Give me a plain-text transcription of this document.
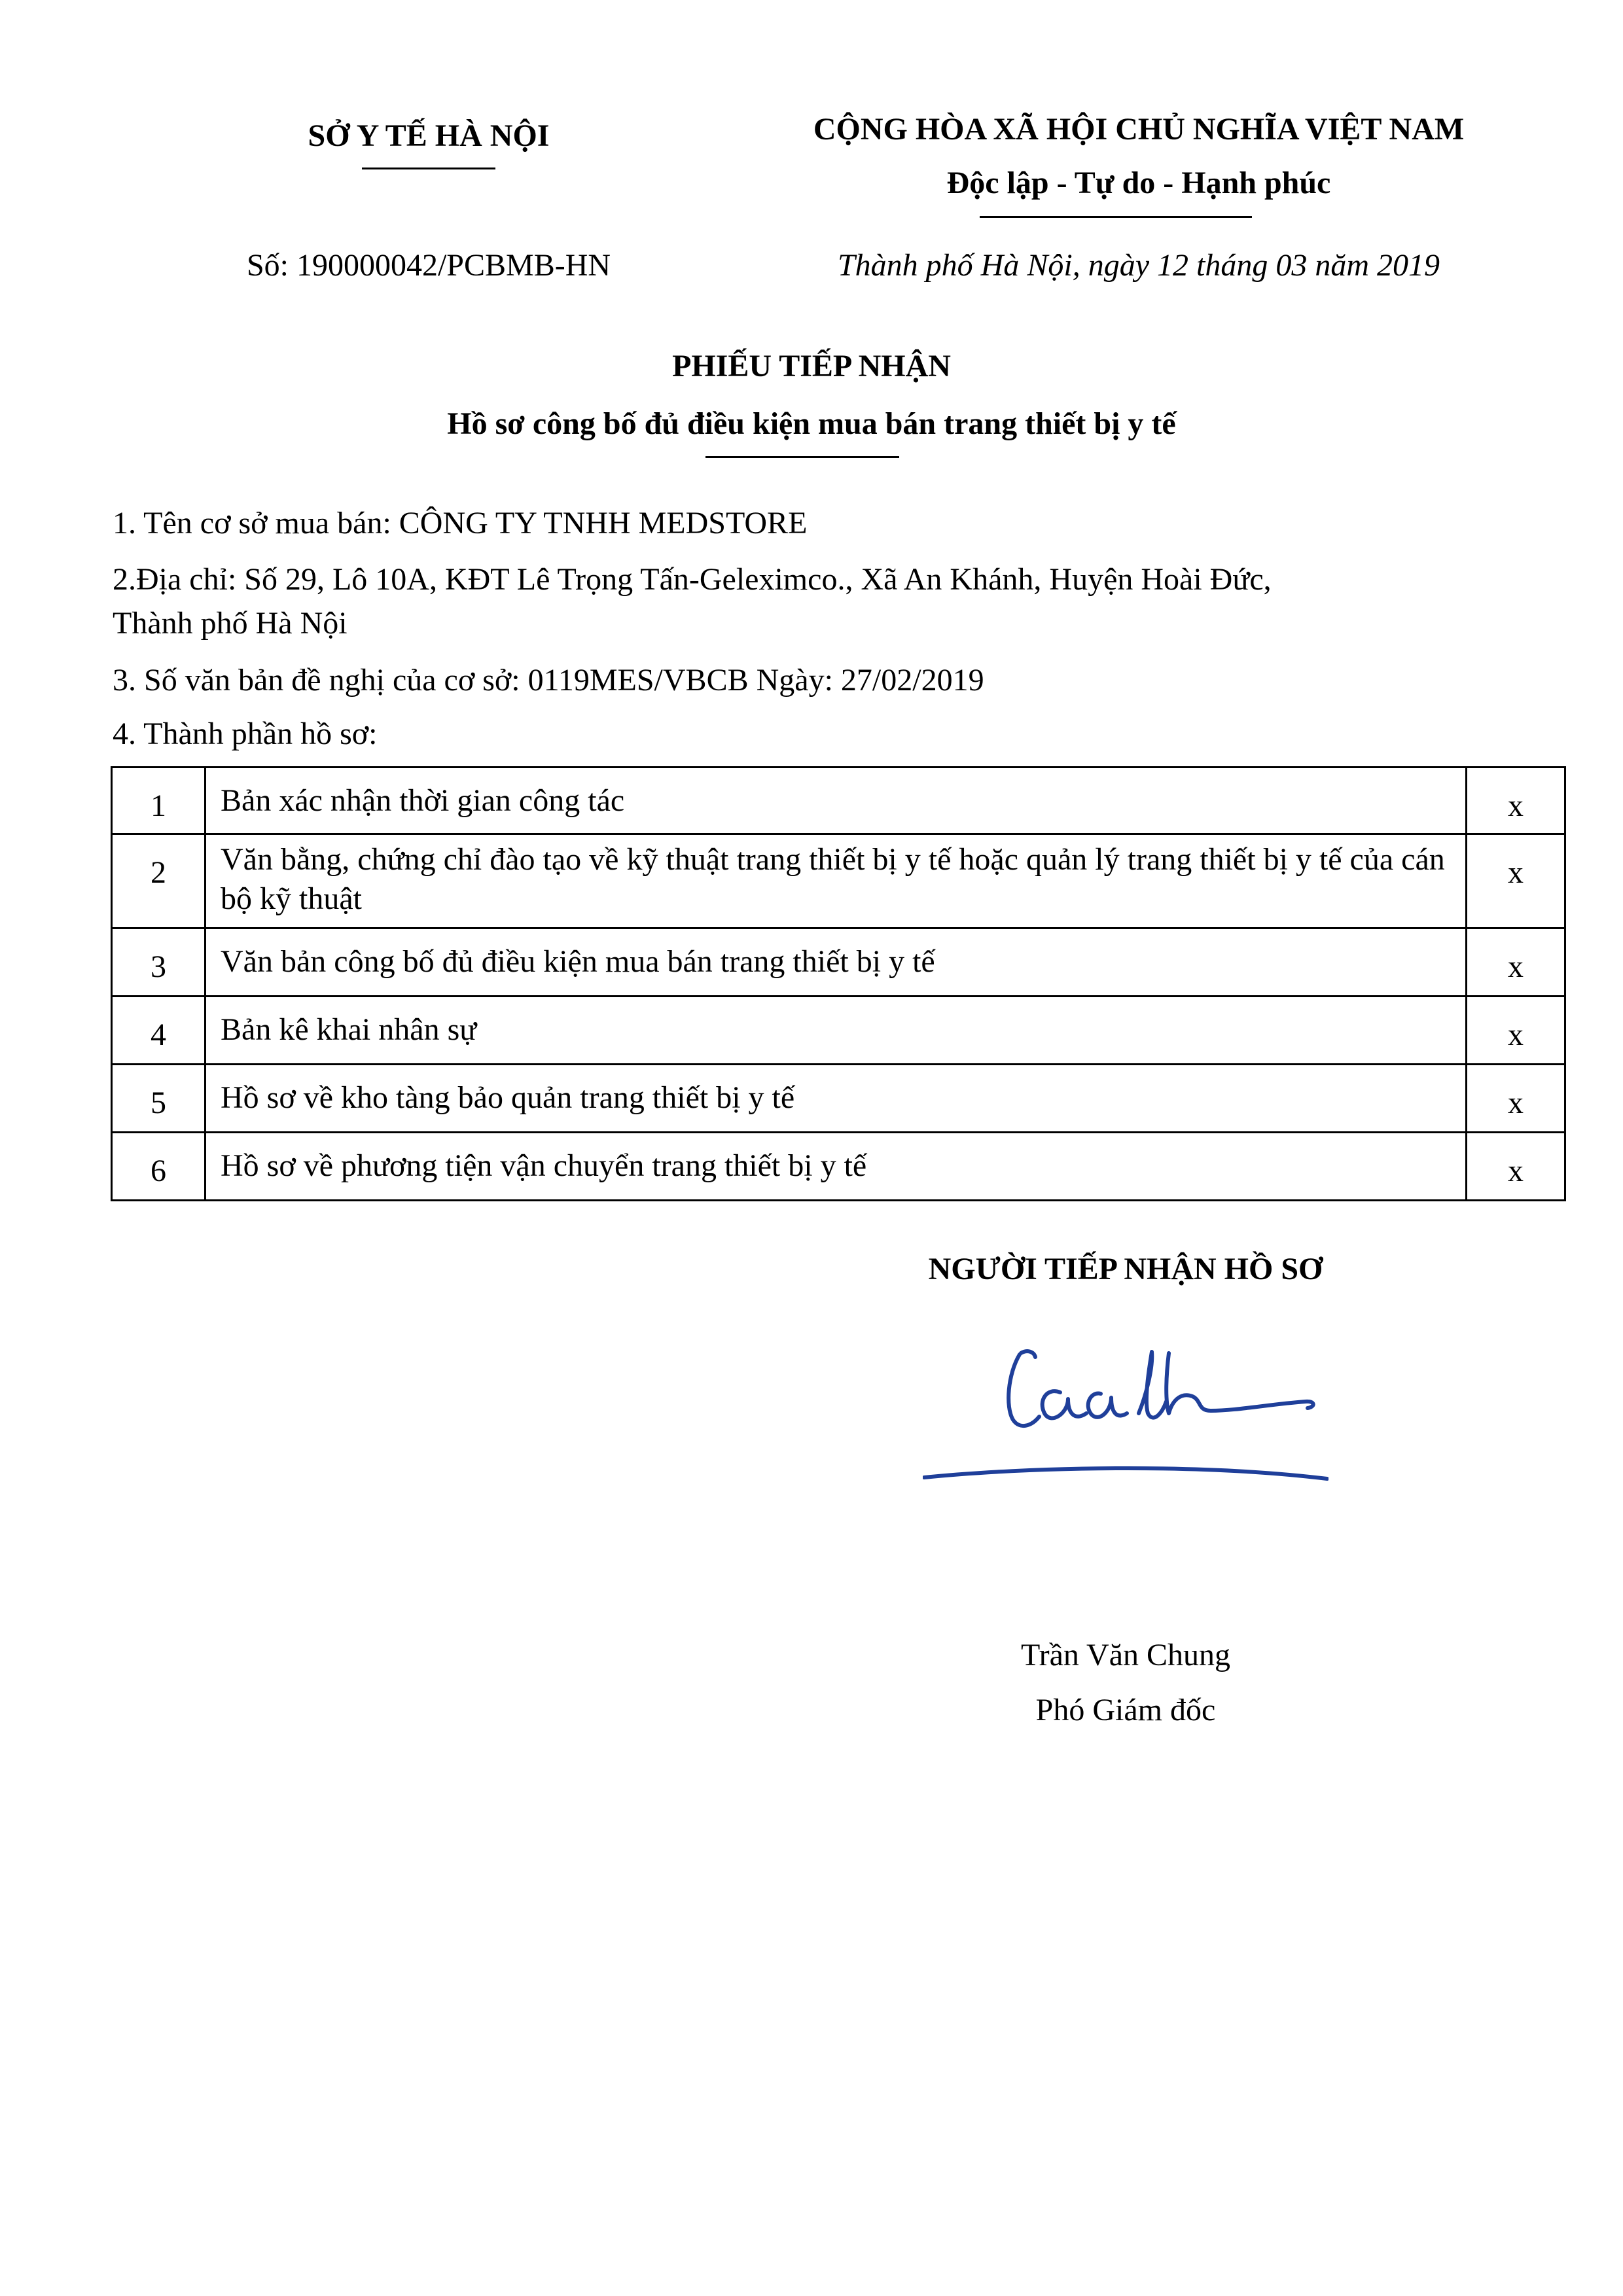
SỞ Y TẾ HÀ NỘI	CỘNG HÒA XÃ HỘI CHỦ NGHĨA VIỆT NAM
Độc lập - Tự do - Hạnh phúc
Số: 190000042/PCBMB-HN	Thành phố Hà Nội, ngày 12 tháng 03 năm 2019
PHIẾU TIẾP NHẬN
Hồ sơ công bố đủ điều kiện mua bán trang thiết bị y tế
1. Tên cơ sở mua bán: CÔNG TY TNHH MEDSTORE
2.Địa chỉ: Số 29, Lô 10A, KĐT Lê Trọng Tấn-Geleximco., Xã An Khánh, Huyện Hoài Đức,
Thành phố Hà Nội
3. Số văn bản đề nghị của cơ sở: 0119MES/VBCB Ngày: 27/02/2019
4. Thành phần hồ sơ:
1	Bản xác nhận thời gian công tác	x
2	Văn bằng, chứng chỉ đào tạo về kỹ thuật trang thiết bị y tế hoặc quản lý trang thiết bị y tế của cán bộ kỹ thuật	x
3	Văn bản công bố đủ điều kiện mua bán trang thiết bị y tế	x
4	Bản kê khai nhân sự	x
5	Hồ sơ về kho tàng bảo quản trang thiết bị y tế	x
6	Hồ sơ về phương tiện vận chuyển trang thiết bị y tế	x
NGƯỜI TIẾP NHẬN HỒ SƠ
Trần Văn Chung
Phó Giám đốc
